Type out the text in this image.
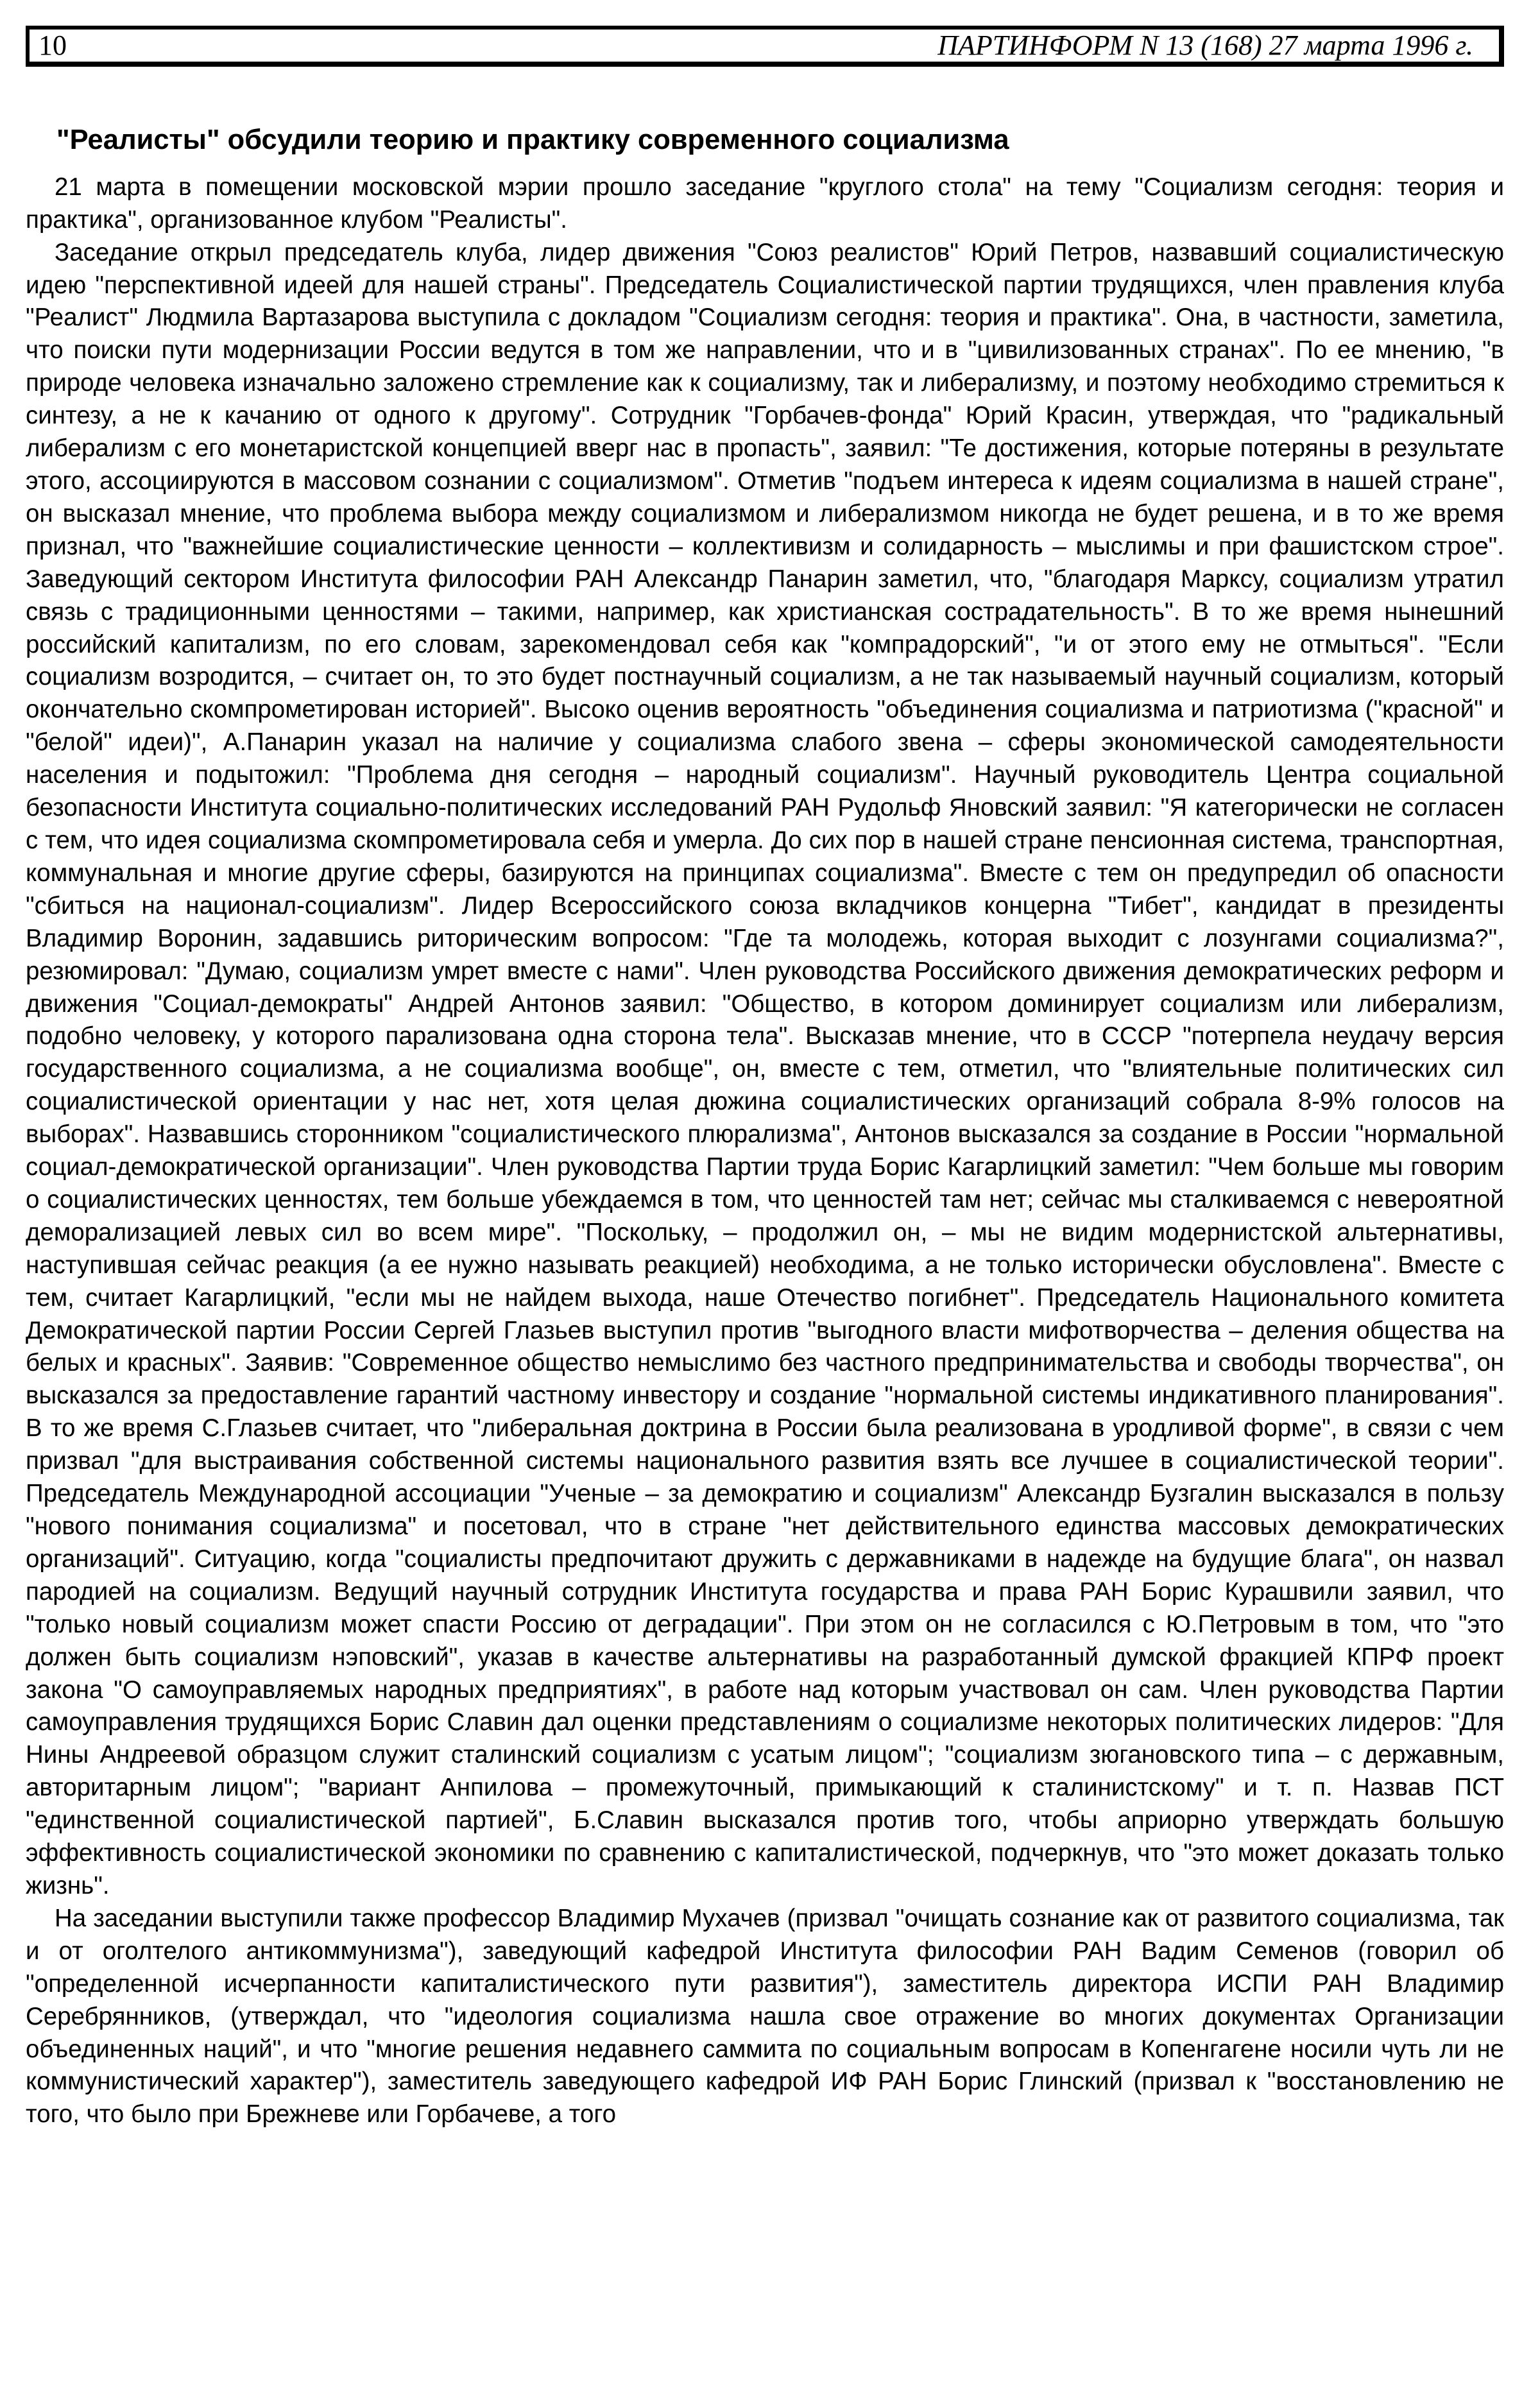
10	ПАРТИНФОРМ N 13 (168) 27 марта 1996 г.
"Реалисты" обсудили теорию и практику современного социализма

21 марта в помещении московской мэрии прошло заседание "круглого стола" на тему "Социализм сегодня: теория и практика", организованное клубом "Реалисты".

Заседание открыл председатель клуба, лидер движения "Союз реалистов" Юрий Петров, назвавший социалистическую идею "перспективной идеей для нашей страны". Председатель Социалистической партии трудящихся, член правления клуба "Реалист" Людмила Вартазарова выступила с докладом "Социализм сегодня: теория и практика". Она, в частности, заметила, что поиски пути модернизации России ведутся в том же направлении, что и в "цивилизованных странах". По ее мнению, "в природе человека изначально заложено стремление как к социализму, так и либерализму, и поэтому необходимо стремиться к синтезу, а не к качанию от одного к другому". Сотрудник "Горбачев-фонда" Юрий Красин, утверждая, что "радикальный либерализм с его монетаристской концепцией вверг нас в пропасть", заявил: "Те достижения, которые потеряны в результате этого, ассоциируются в массовом сознании с социализмом". Отметив "подъем интереса к идеям социализма в нашей стране", он высказал мнение, что проблема выбора между социализмом и либерализмом никогда не будет решена, и в то же время признал, что "важнейшие социалистические ценности – коллективизм и солидарность – мыслимы и при фашистском строе". Заведующий сектором Института философии РАН Александр Панарин заметил, что, "благодаря Марксу, социализм утратил связь с традиционными ценностями – такими, например, как христианская сострадательность". В то же время нынешний российский капитализм, по его словам, зарекомендовал себя как "компрадорский", "и от этого ему не отмыться". "Если социализм возродится, – считает он, то это будет постнаучный социализм, а не так называемый научный социализм, который окончательно скомпрометирован историей". Высоко оценив вероятность "объединения социализма и патриотизма ("красной" и "белой" идеи)", А.Панарин указал на наличие у социализма слабого звена – сферы экономической самодеятельности населения и подытожил: "Проблема дня сегодня – народный социализм". Научный руководитель Центра социальной безопасности Института социально-политических исследований РАН Рудольф Яновский заявил: "Я категорически не согласен с тем, что идея социализма скомпрометировала себя и умерла. До сих пор в нашей стране пенсионная система, транспортная, коммунальная и многие другие сферы, базируются на принципах социализма". Вместе с тем он предупредил об опасности "сбиться на национал-социализм". Лидер Всероссийского союза вкладчиков концерна "Тибет", кандидат в президенты Владимир Воронин, задавшись риторическим вопросом: "Где та молодежь, которая выходит с лозунгами социализма?", резюмировал: "Думаю, социализм умрет вместе с нами". Член руководства Российского движения демократических реформ и движения "Социал-демократы" Андрей Антонов заявил: "Общество, в котором доминирует социализм или либерализм, подобно человеку, у которого парализована одна сторона тела". Высказав мнение, что в СССР "потерпела неудачу версия государственного социализма, а не социализма вообще", он, вместе с тем, отметил, что "влиятельные политических сил социалистической ориентации у нас нет, хотя целая дюжина социалистических организаций собрала 8-9% голосов на выборах". Назвавшись сторонником "социалистического плюрализма", Антонов высказался за создание в России "нормальной социал-демократической организации". Член руководства Партии труда Борис Кагарлицкий заметил: "Чем больше мы говорим о социалистических ценностях, тем больше убеждаемся в том, что ценностей там нет; сейчас мы сталкиваемся с невероятной деморализацией левых сил во всем мире". "Поскольку, – продолжил он, – мы не видим модернистской альтернативы, наступившая сейчас реакция (а ее нужно называть реакцией) необходима, а не только исторически обусловлена". Вместе с тем, считает Кагарлицкий, "если мы не найдем выхода, наше Отечество погибнет". Председатель Национального комитета Демократической партии России Сергей Глазьев выступил против "выгодного власти мифотворчества – деления общества на белых и красных". Заявив: "Современное общество немыслимо без частного предпринимательства и свободы творчества", он высказался за предоставление гарантий частному инвестору и создание "нормальной системы индикативного планирования". В то же время С.Глазьев считает, что "либеральная доктрина в России была реализована в уродливой форме", в связи с чем призвал "для выстраивания собственной системы национального развития взять все лучшее в социалистической теории". Председатель Международной ассоциации "Ученые – за демократию и социализм" Александр Бузгалин высказался в пользу "нового понимания социализма" и посетовал, что в стране "нет действительного единства массовых демократических организаций". Ситуацию, когда "социалисты предпочитают дружить с державниками в надежде на будущие блага", он назвал пародией на социализм. Ведущий научный сотрудник Института государства и права РАН Борис Курашвили заявил, что "только новый социализм может спасти Россию от деградации". При этом он не согласился с Ю.Петровым в том, что "это должен быть социализм нэповский", указав в качестве альтернативы на разработанный думской фракцией КПРФ проект закона "О самоуправляемых народных предприятиях", в работе над которым участвовал он сам. Член руководства Партии самоуправления трудящихся Борис Славин дал оценки представлениям о социализме некоторых политических лидеров: "Для Нины Андреевой образцом служит сталинский социализм с усатым лицом"; "социализм зюгановского типа – с державным, авторитарным лицом"; "вариант Анпилова – промежуточный, примыкающий к сталинистскому" и т. п. Назвав ПСТ "единственной социалистической партией", Б.Славин высказался против того, чтобы априорно утверждать большую эффективность социалистической экономики по сравнению с капиталистической, подчеркнув, что "это может доказать только жизнь".

На заседании выступили также профессор Владимир Мухачев (призвал "очищать сознание как от развитого социализма, так и от оголтелого антикоммунизма"), заведующий кафедрой Института философии РАН Вадим Семенов (говорил об "определенной исчерпанности капиталистического пути развития"), заместитель директора ИСПИ РАН Владимир Серебрянников, (утверждал, что "идеология социализма нашла свое отражение во многих документах Организации объединенных наций", и что "многие решения недавнего саммита по социальным вопросам в Копенгагене носили чуть ли не коммунистический характер"), заместитель заведующего кафедрой ИФ РАН Борис Глинский (призвал к "восстановлению не того, что было при Брежневе или Горбачеве, а того
